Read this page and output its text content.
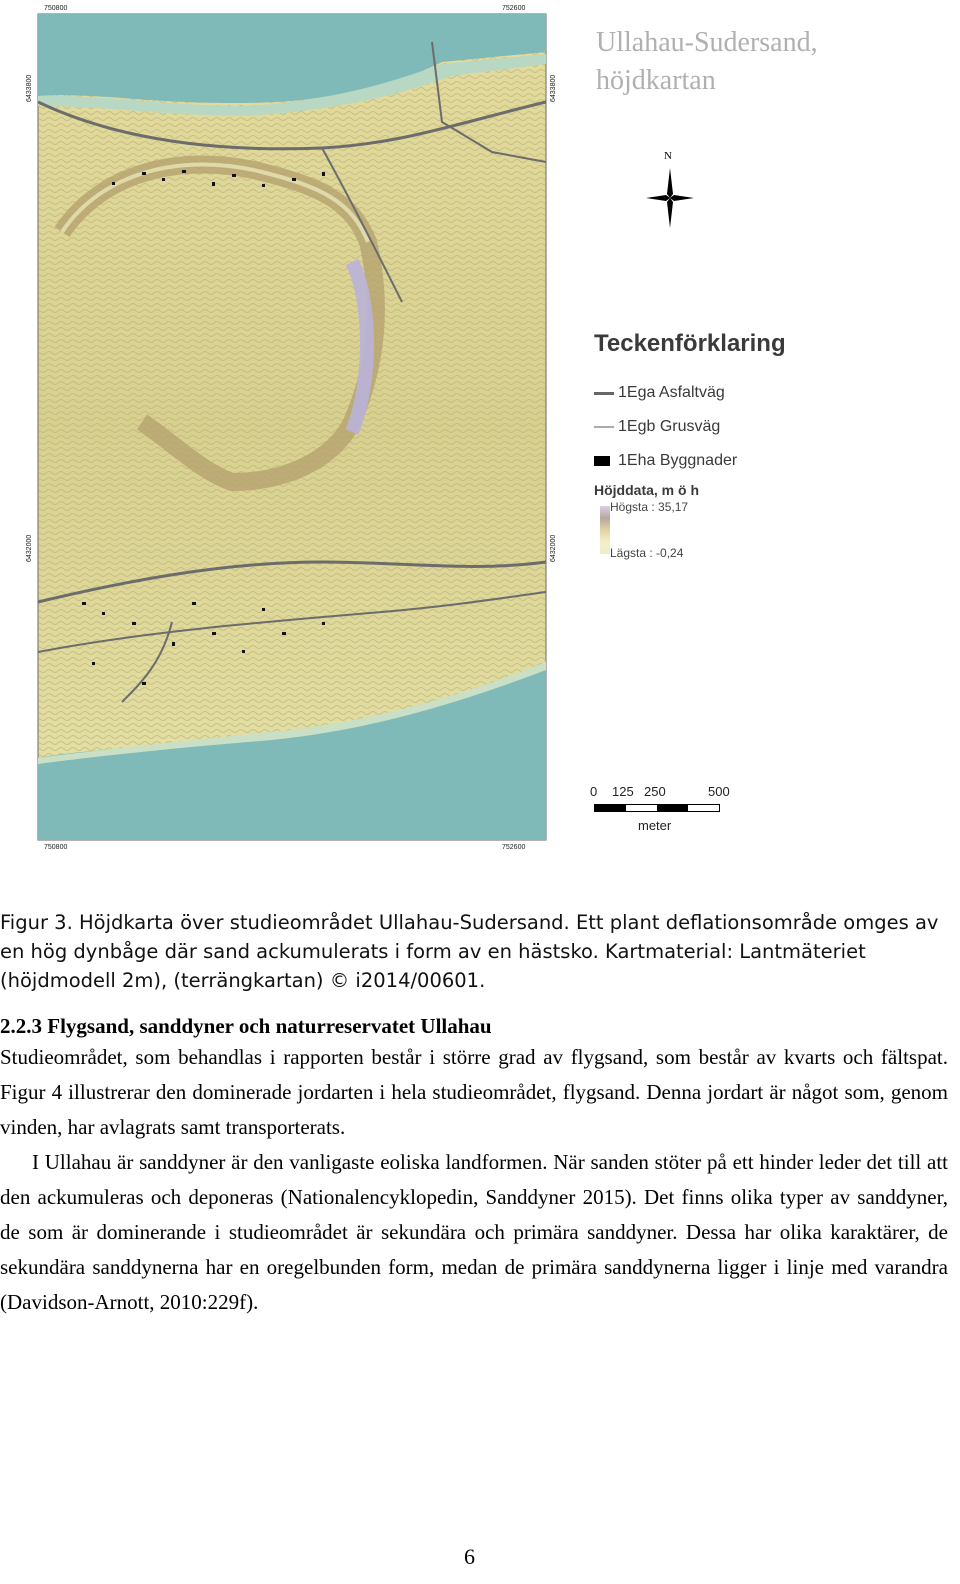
750800	752600
750800	752600
6433800
6432000
6433800
6432000
Ullahau-Sudersand,
höjdkartan
N
Teckenförklaring
1Ega Asfaltväg
1Egb Grusväg
1Eha Byggnader
Höjddata, m ö h
Högsta : 35,17
Lägsta : -0,24
0 125 250	500
meter
Figur 3. Höjdkarta över studieområdet Ullahau-Sudersand. Ett plant deflationsområde omges av en hög dynbåge där sand ackumulerats i form av en hästsko. Kartmaterial: Lantmäteriet (höjdmodell 2m), (terrängkartan) © i2014/00601.
2.2.3 Flygsand, sanddyner och naturreservatet Ullahau

Studieområdet, som behandlas i rapporten består i större grad av flygsand, som består av kvarts och fältspat. Figur 4 illustrerar den dominerade jordarten i hela studieområdet, flygsand. Denna jordart är något som, genom vinden, har avlagrats samt transporterats.

I Ullahau är sanddyner är den vanligaste eoliska landformen. När sanden stöter på ett hinder leder det till att den ackumuleras och deponeras (Nationalencyklopedin, Sanddyner 2015). Det finns olika typer av sanddyner, de som är dominerande i studieområdet är sekundära och primära sanddyner. Dessa har olika karaktärer, de sekundära sanddynerna har en oregelbunden form, medan de primära sanddynerna ligger i linje med varandra (Davidson-Arnott, 2010:229f).

6
